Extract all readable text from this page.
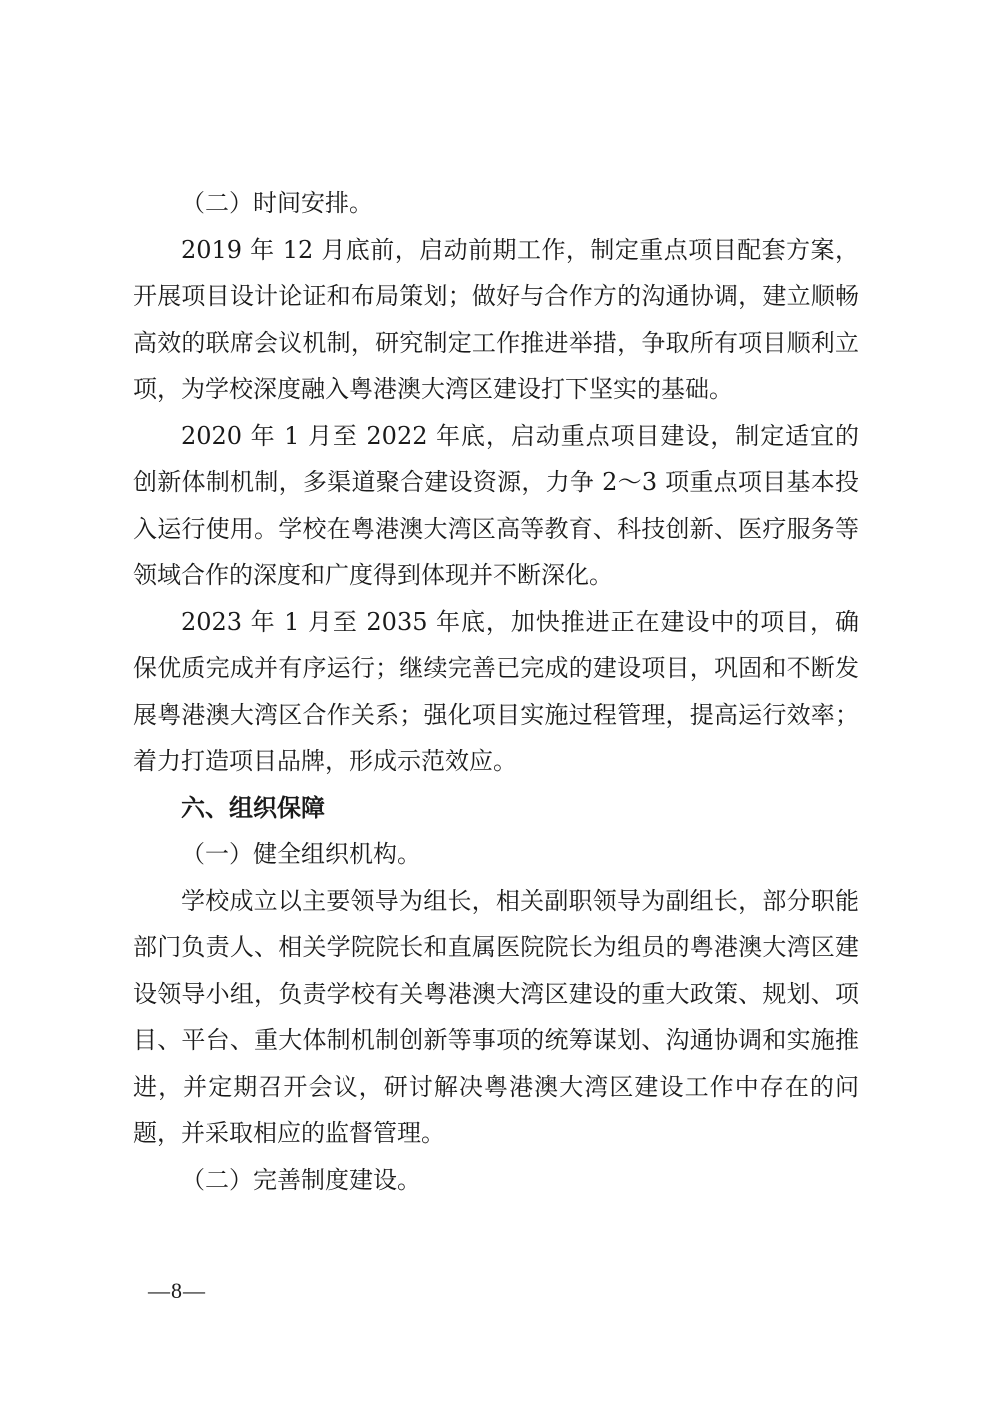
（二）时间安排。

2019 年 12 月底前，启动前期工作，制定重点项目配套方案，开展项目设计论证和布局策划；做好与合作方的沟通协调，建立顺畅高效的联席会议机制，研究制定工作推进举措，争取所有项目顺利立项，为学校深度融入粤港澳大湾区建设打下坚实的基础。

2020 年 1 月至 2022 年底，启动重点项目建设，制定适宜的创新体制机制，多渠道聚合建设资源，力争 2～3 项重点项目基本投入运行使用。学校在粤港澳大湾区高等教育、科技创新、医疗服务等领域合作的深度和广度得到体现并不断深化。

2023 年 1 月至 2035 年底，加快推进正在建设中的项目，确保优质完成并有序运行；继续完善已完成的建设项目，巩固和不断发展粤港澳大湾区合作关系；强化项目实施过程管理，提高运行效率；着力打造项目品牌，形成示范效应。

六、组织保障

（一）健全组织机构。

学校成立以主要领导为组长，相关副职领导为副组长，部分职能部门负责人、相关学院院长和直属医院院长为组员的粤港澳大湾区建设领导小组，负责学校有关粤港澳大湾区建设的重大政策、规划、项目、平台、重大体制机制创新等事项的统筹谋划、沟通协调和实施推进，并定期召开会议，研讨解决粤港澳大湾区建设工作中存在的问题，并采取相应的监督管理。

（二）完善制度建设。

—8—
